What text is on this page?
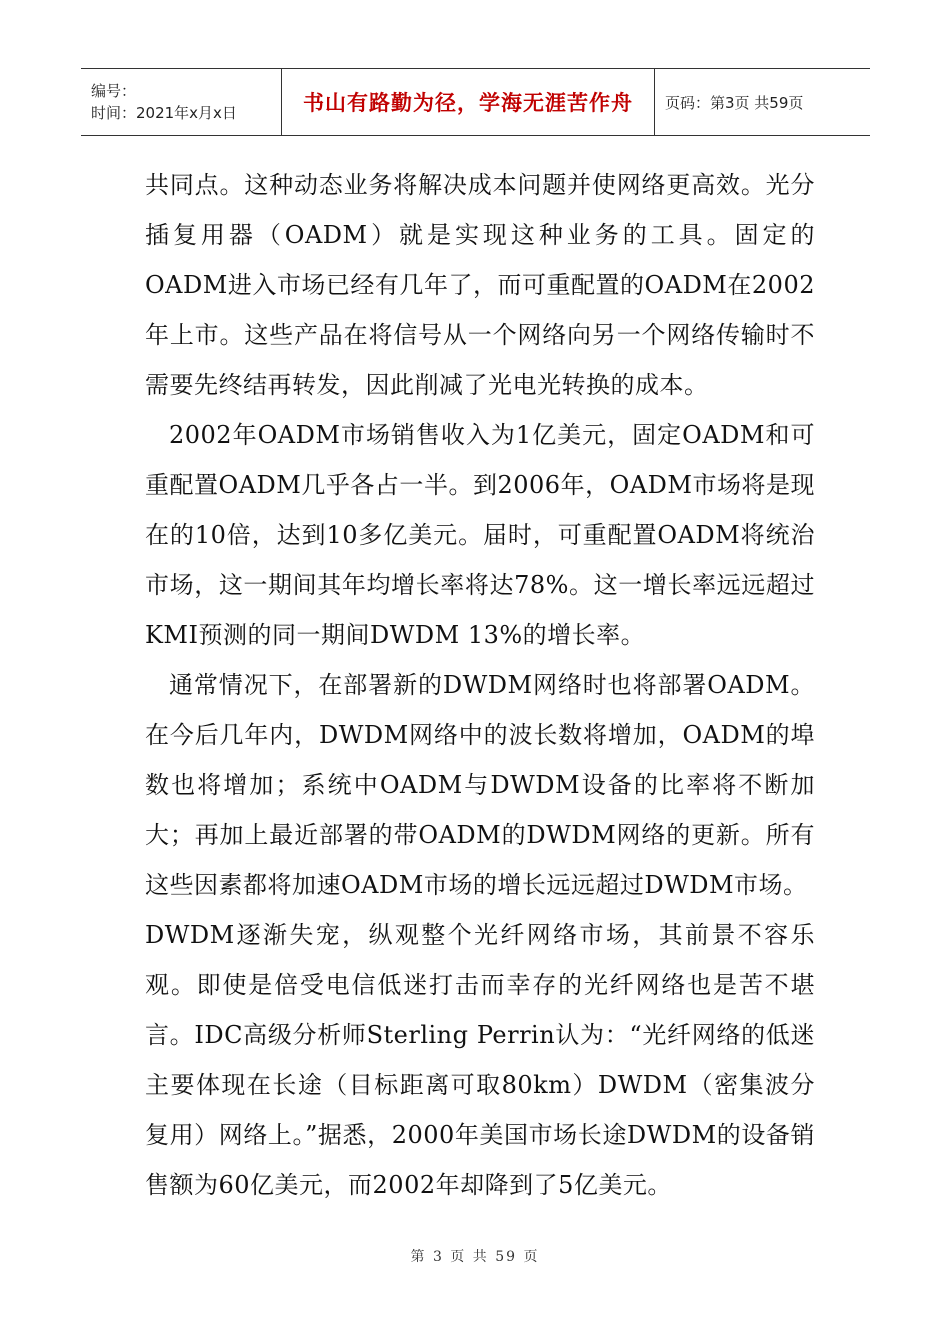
编号：
时间：2021年x月x日	书山有路勤为径，学海无涯苦作舟	页码：第3页 共59页

共同点。这种动态业务将解决成本问题并使网络更高效。光分插复用器（OADM）就是实现这种业务的工具。固定的OADM进入市场已经有几年了，而可重配置的OADM在2002年上市。这些产品在将信号从一个网络向另一个网络传输时不需要先终结再转发，因此削减了光电光转换的成本。

2002年OADM市场销售收入为1亿美元，固定OADM和可重配置OADM几乎各占一半。到2006年，OADM市场将是现在的10倍，达到10多亿美元。届时，可重配置OADM将统治市场，这一期间其年均增长率将达78%。这一增长率远远超过KMI预测的同一期间DWDM 13%的增长率。

通常情况下，在部署新的DWDM网络时也将部署OADM。在今后几年内，DWDM网络中的波长数将增加，OADM的埠数也将增加；系统中OADM与DWDM设备的比率将不断加大；再加上最近部署的带OADM的DWDM网络的更新。所有这些因素都将加速OADM市场的增长远远超过DWDM市场。

DWDM逐渐失宠，纵观整个光纤网络市场，其前景不容乐观。即使是倍受电信低迷打击而幸存的光纤网络也是苦不堪言。IDC高级分析师Sterling Perrin认为：“光纤网络的低迷主要体现在长途（目标距离可取80km）DWDM（密集波分复用）网络上。”据悉，2000年美国市场长途DWDM的设备销售额为60亿美元，而2002年却降到了5亿美元。

第 3 页 共 59 页
